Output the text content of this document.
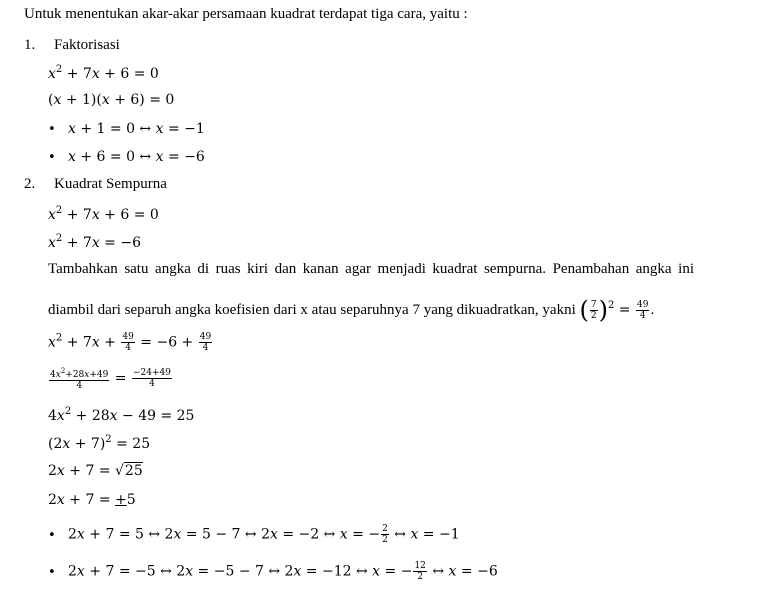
Untuk menentukan akar-akar persamaan kuadrat terdapat tiga cara, yaitu :
1. Faktorisasi
$x^2 + 7x + 6 = 0$
(x + 1)(x + 6) = 0
• x + 1 = 0 ↔ x = −1
• x + 6 = 0 ↔ x = −6
2. Kuadrat Sempurna
$x^2 + 7x + 6 = 0$
$x^2 + 7x = -6$
Tambahkan satu angka di ruas kiri dan kanan agar menjadi kuadrat sempurna. Penambahan angka ini
diambil dari separuh angka koefisien dari x atau separuhnya 7 yang dikuadratkan, yakni ( $\frac{7}{2} )^2 = \frac{49}{4}$ .
$x^2 + 7x + \frac{49}{4} = -6 + \frac{49}{4}$
$\frac{4x^2+28x+49}{4} = \frac{-24+49}{4}$
$4x^2 + 28x - 49 = 25$
$(2x + 7)^2 = 25$
2x + 7 = √25
2x + 7 = +5
• 2x + 7 = 5 ↔ 2x = 5 − 7 ↔ 2x = −2 ↔ x = − $\frac{2}{2}$ ↔ x = −1
• 2x + 7 = −5 ↔ 2x = −5 − 7 ↔ 2x = −12 ↔ x = − $\frac{12}{2}$ ↔ x = −6
